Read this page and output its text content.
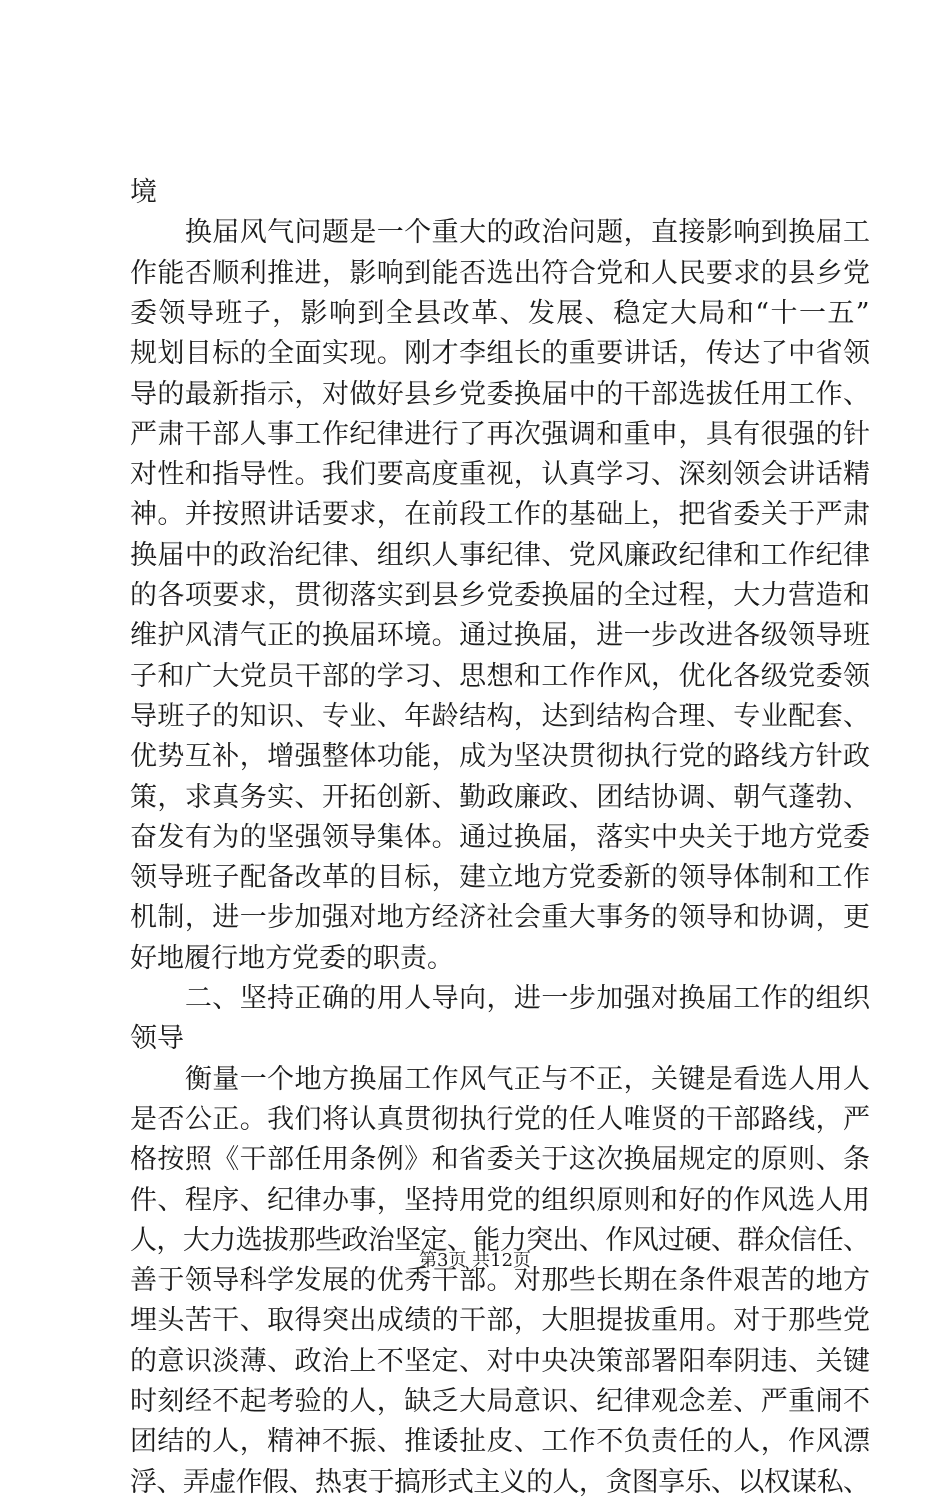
境
　　换届风气问题是一个重大的政治问题，直接影响到换届工
作能否顺利推进，影响到能否选出符合党和人民要求的县乡党
委领导班子，影响到全县改革、发展、稳定大局和“十一五”
规划目标的全面实现。刚才李组长的重要讲话，传达了中省领
导的最新指示，对做好县乡党委换届中的干部选拔任用工作、
严肃干部人事工作纪律进行了再次强调和重申，具有很强的针
对性和指导性。我们要高度重视，认真学习、深刻领会讲话精
神。并按照讲话要求，在前段工作的基础上，把省委关于严肃
换届中的政治纪律、组织人事纪律、党风廉政纪律和工作纪律
的各项要求，贯彻落实到县乡党委换届的全过程，大力营造和
维护风清气正的换届环境。通过换届，进一步改进各级领导班
子和广大党员干部的学习、思想和工作作风，优化各级党委领
导班子的知识、专业、年龄结构，达到结构合理、专业配套、
优势互补，增强整体功能，成为坚决贯彻执行党的路线方针政
策，求真务实、开拓创新、勤政廉政、团结协调、朝气蓬勃、
奋发有为的坚强领导集体。通过换届，落实中央关于地方党委
领导班子配备改革的目标，建立地方党委新的领导体制和工作
机制，进一步加强对地方经济社会重大事务的领导和协调，更
好地履行地方党委的职责。
　　二、坚持正确的用人导向，进一步加强对换届工作的组织
领导
　　衡量一个地方换届工作风气正与不正，关键是看选人用人
是否公正。我们将认真贯彻执行党的任人唯贤的干部路线，严
格按照《干部任用条例》和省委关于这次换届规定的原则、条
件、程序、纪律办事，坚持用党的组织原则和好的作风选人用
人，大力选拔那些政治坚定、能力突出、作风过硬、群众信任、
善于领导科学发展的优秀干部。对那些长期在条件艰苦的地方
埋头苦干、取得突出成绩的干部，大胆提拔重用。对于那些党
的意识淡薄、政治上不坚定、对中央决策部署阳奉阴违、关键
时刻经不起考验的人，缺乏大局意识、纪律观念差、严重闹不
团结的人，精神不振、推诿扯皮、工作不负责任的人，作风漂
浮、弄虚作假、热衷于搞形式主义的人，贪图享乐、以权谋私、
第3页 共12页
